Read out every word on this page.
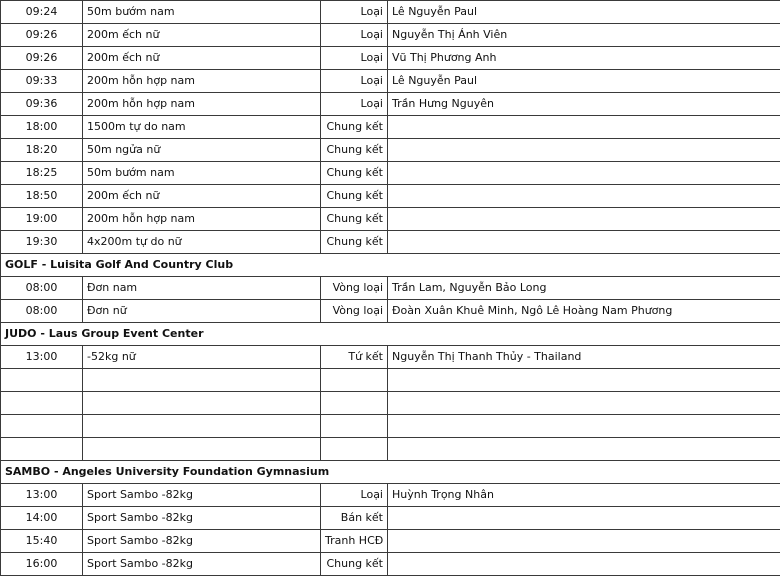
09:24	50m bướm nam	Loại	Lê Nguyễn Paul
09:26	200m ếch nữ	Loại	Nguyễn Thị Ánh Viên
09:26	200m ếch nữ	Loại	Vũ Thị Phương Anh
09:33	200m hỗn hợp nam	Loại	Lê Nguyễn Paul
09:36	200m hỗn hợp nam	Loại	Trần Hưng Nguyên
18:00	1500m tự do nam	Chung kết	
18:20	50m ngửa nữ	Chung kết	
18:25	50m bướm nam	Chung kết	
18:50	200m ếch nữ	Chung kết	
19:00	200m hỗn hợp nam	Chung kết	
19:30	4x200m tự do nữ	Chung kết	
GOLF - Luisita Golf And Country Club			
08:00	Đơn nam	Vòng loại	Trần Lam, Nguyễn Bảo Long
08:00	Đơn nữ	Vòng loại	Đoàn Xuân Khuê Minh, Ngô Lê Hoàng Nam Phương
JUDO - Laus Group Event Center			
13:00	-52kg nữ	Tứ kết	Nguyễn Thị Thanh Thủy - Thailand

SAMBO - Angeles University Foundation Gymnasium			
13:00	Sport Sambo -82kg	Loại	Huỳnh Trọng Nhân
14:00	Sport Sambo -82kg	Bán kết	
15:40	Sport Sambo -82kg	Tranh HCĐ	
16:00	Sport Sambo -82kg	Chung kết	
